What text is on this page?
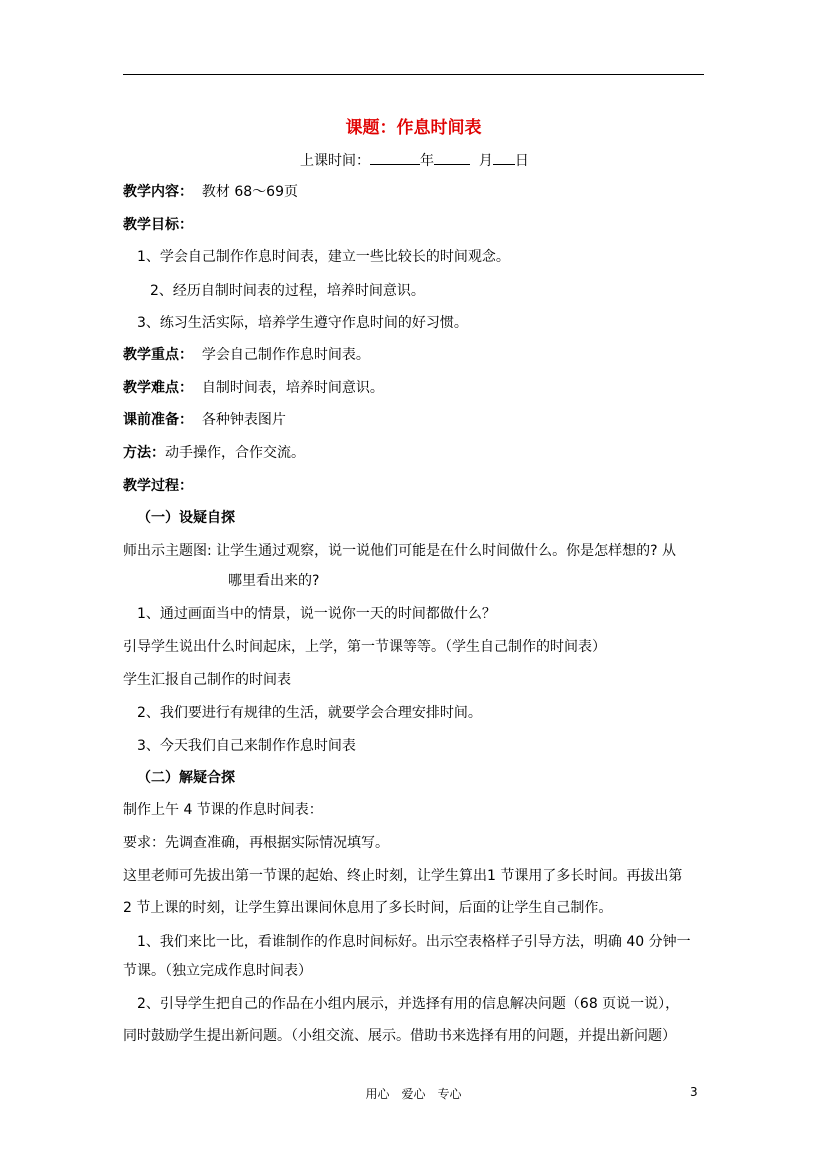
课题：作息时间表
上课时间：	年	月 日
教学内容： 教材 68～69页
教学目标：
1、学会自己制作作息时间表，建立一些比较长的时间观念。
2、经历自制时间表的过程，培养时间意识。
3、练习生活实际，培养学生遵守作息时间的好习惯。
教学重点： 学会自己制作作息时间表。
教学难点： 自制时间表，培养时间意识。
课前准备： 各种钟表图片
方法：动手操作，合作交流。
教学过程：
（一）设疑自探
师出示主题图: 让学生通过观察，说一说他们可能是在什么时间做什么。你是怎样想的? 从
哪里看出来的?
1、通过画面当中的情景，说一说你一天的时间都做什么？
引导学生说出什么时间起床，上学，第一节课等等。（学生自己制作的时间表）
学生汇报自己制作的时间表
2、我们要进行有规律的生活，就要学会合理安排时间。
3、今天我们自己来制作作息时间表
（二）解疑合探
制作上午 4 节课的作息时间表：
要求：先调查准确，再根据实际情况填写。
这里老师可先拔出第一节课的起始、终止时刻，让学生算出1 节课用了多长时间。再拔出第
2 节上课的时刻，让学生算出课间休息用了多长时间，后面的让学生自己制作。
1、我们来比一比，看谁制作的作息时间标好。出示空表格样子引导方法，明确 40 分钟一
节课。（独立完成作息时间表）
2、引导学生把自己的作品在小组内展示，并选择有用的信息解决问题（68 页说一说），
同时鼓励学生提出新问题。（小组交流、展示。借助书来选择有用的问题，并提出新问题）
用心　爱心　专心	3
